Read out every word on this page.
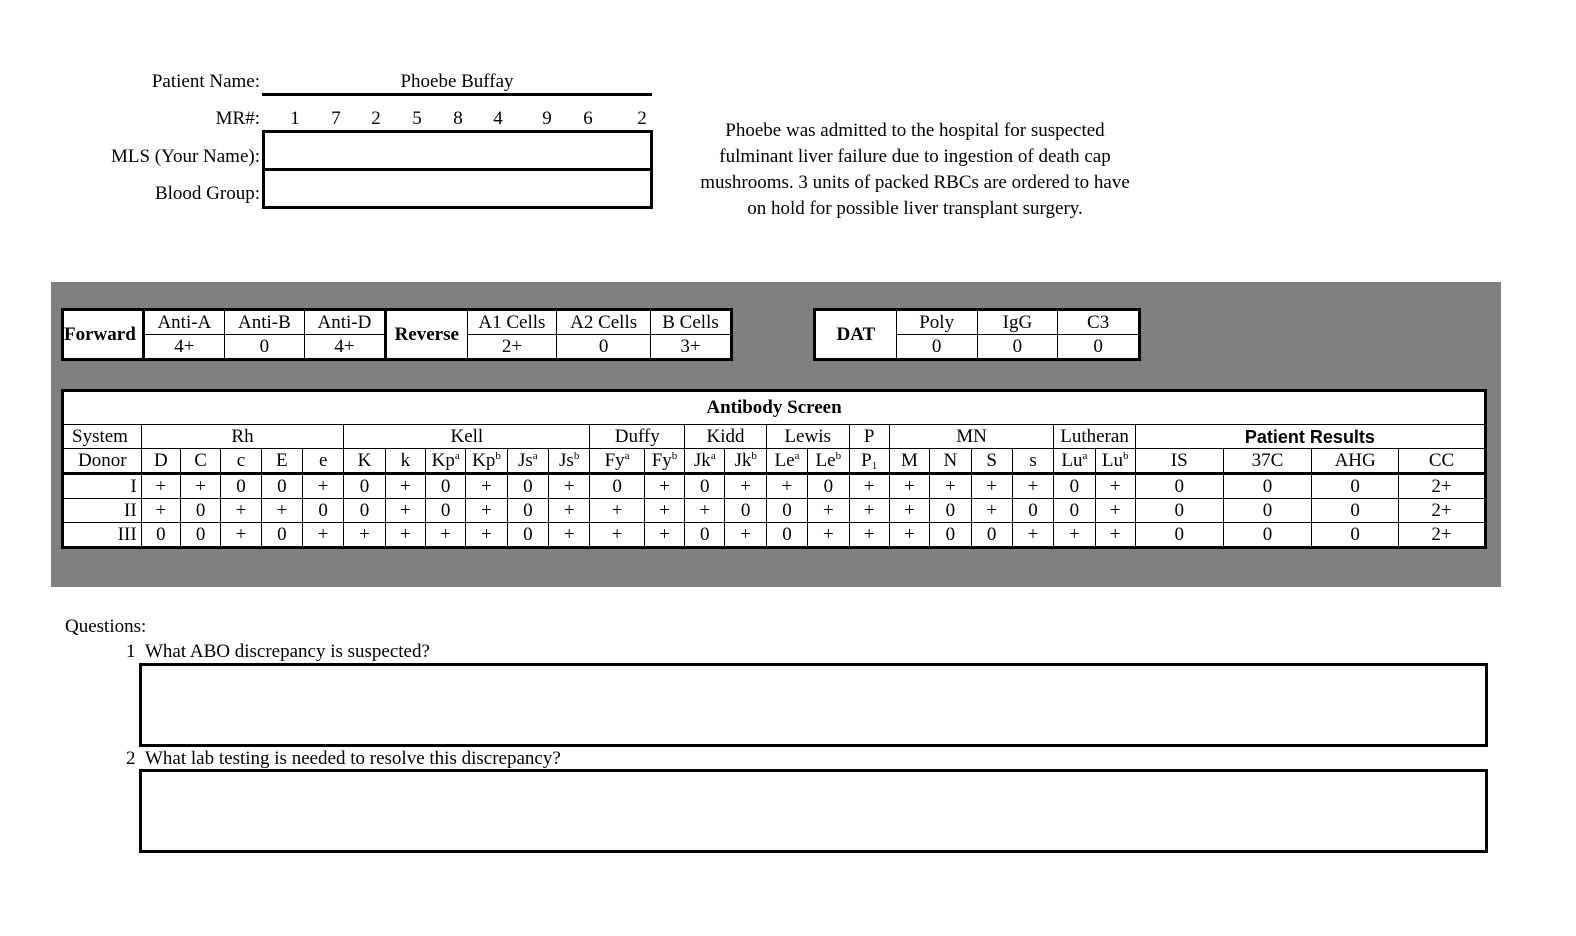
Patient Name:	Phoebe Buffay
MR#: 1 7 2 5 8 4 9 6 2
MLS (Your Name):
Blood Group:
Phoebe was admitted to the hospital for suspected fulminant liver failure due to ingestion of death cap mushrooms. 3 units of packed RBCs are ordered to have on hold for possible liver transplant surgery.
Forward	Anti-A	Anti-B	Anti-D	Reverse	A1 Cells	A2 Cells	B Cells
	4+	0	4+		2+	0	3+
DAT	Poly	IgG	C3
	0	0	0
Antibody Screen																												
System	Rh					Kell						Duffy		Kidd		Lewis		P	MN				Lutheran		Patient Results			
Donor	D	C	c	E	e	K	k	Kp$^a$	Kp$^b$	Js$^a$	Js$^b$	Fy$^a$	Fy$^b$	Jk$^a$	Jk$^b$	Le$^a$	Le$^b$	$P_1$	M	N	S	s	Lu$^a$	Lu$^b$	IS	37C	AHG	CC
I	+	+	0	0	+	0	+	0	+	0	+	0	+	0	+	+	0	+	+	+	+	+	0	+	0	0	0	2+
II	+	0	+	+	0	0	+	0	+	0	+	+	+	+	0	0	+	+	+	0	+	0	0	+	0	0	0	2+
III	0	0	+	0	+	+	+	+	+	0	+	+	+	0	+	0	+	+	+	0	0	+	+	+	0	0	0	2+
Questions:
1 What ABO discrepancy is suspected?
2 What lab testing is needed to resolve this discrepancy?
